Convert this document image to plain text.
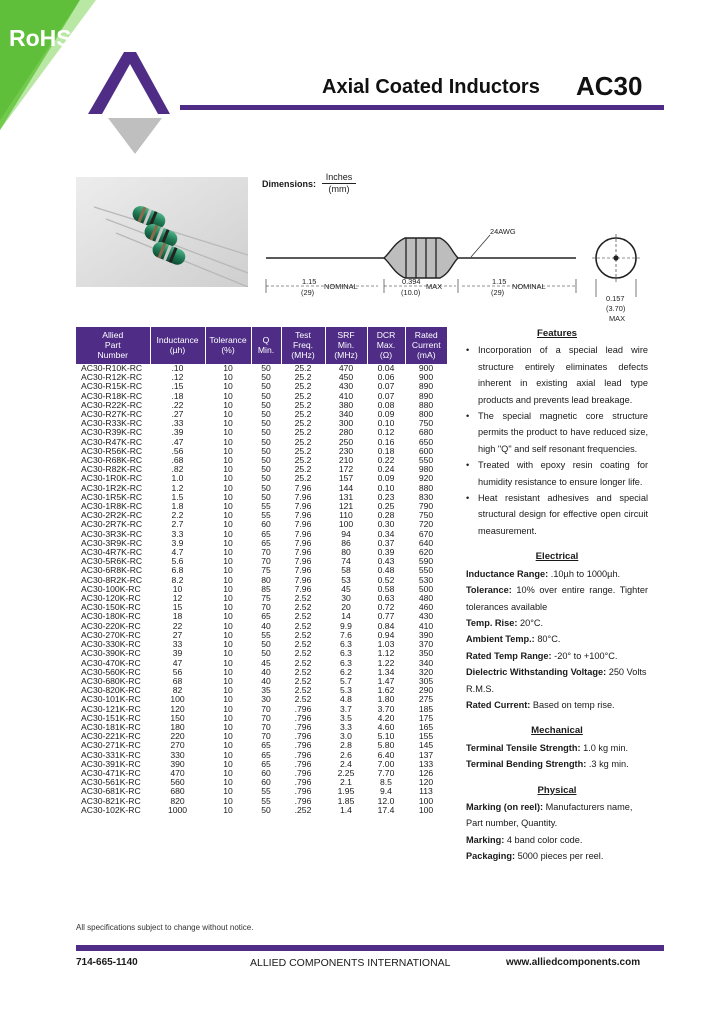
RoHS
Axial Coated Inductors AC30
Dimensions:
Inches
(mm)
24AWG
1.15
(29)
NOMINAL
0.394
(10.0)
MAX
1.15
(29)
NOMINAL
0.157
(3.70)
MAX
Allied
Part
Number	Inductance
(µh)	Tolerance
(%)	Q
Min.	Test
Freq.
(MHz)	SRF
Min.
(MHz)	DCR
Max.
(Ω)	Rated
Current
(mA)
AC30-R10K-RC	.10	10	50	25.2	470	0.04	900
AC30-R12K-RC	.12	10	50	25.2	450	0.06	900
AC30-R15K-RC	.15	10	50	25.2	430	0.07	890
AC30-R18K-RC	.18	10	50	25.2	410	0.07	890
AC30-R22K-RC	.22	10	50	25.2	380	0.08	880
AC30-R27K-RC	.27	10	50	25.2	340	0.09	800
AC30-R33K-RC	.33	10	50	25.2	300	0.10	750
AC30-R39K-RC	.39	10	50	25.2	280	0.12	680
AC30-R47K-RC	.47	10	50	25.2	250	0.16	650
AC30-R56K-RC	.56	10	50	25.2	230	0.18	600
AC30-R68K-RC	.68	10	50	25.2	210	0.22	550
AC30-R82K-RC	.82	10	50	25.2	172	0.24	980
AC30-1R0K-RC	1.0	10	50	25.2	157	0.09	920
AC30-1R2K-RC	1.2	10	50	7.96	144	0.10	880
AC30-1R5K-RC	1.5	10	50	7.96	131	0.23	830
AC30-1R8K-RC	1.8	10	55	7.96	121	0.25	790
AC30-2R2K-RC	2.2	10	55	7.96	110	0.28	750
AC30-2R7K-RC	2.7	10	60	7.96	100	0.30	720
AC30-3R3K-RC	3.3	10	65	7.96	94	0.34	670
AC30-3R9K-RC	3.9	10	65	7.96	86	0.37	640
AC30-4R7K-RC	4.7	10	70	7.96	80	0.39	620
AC30-5R6K-RC	5.6	10	70	7.96	74	0.43	590
AC30-6R8K-RC	6.8	10	75	7.96	58	0.48	550
AC30-8R2K-RC	8.2	10	80	7.96	53	0.52	530
AC30-100K-RC	10	10	85	7.96	45	0.58	500
AC30-120K-RC	12	10	75	2.52	30	0.63	480
AC30-150K-RC	15	10	70	2.52	20	0.72	460
AC30-180K-RC	18	10	65	2.52	14	0.77	430
AC30-220K-RC	22	10	40	2.52	9.9	0.84	410
AC30-270K-RC	27	10	55	2.52	7.6	0.94	390
AC30-330K-RC	33	10	50	2.52	6.3	1.03	370
AC30-390K-RC	39	10	50	2.52	6.3	1.12	350
AC30-470K-RC	47	10	45	2.52	6.3	1.22	340
AC30-560K-RC	56	10	40	2.52	6.2	1.34	320
AC30-680K-RC	68	10	40	2.52	5.7	1.47	305
AC30-820K-RC	82	10	35	2.52	5.3	1.62	290
AC30-101K-RC	100	10	30	2.52	4.8	1.80	275
AC30-121K-RC	120	10	70	.796	3.7	3.70	185
AC30-151K-RC	150	10	70	.796	3.5	4.20	175
AC30-181K-RC	180	10	70	.796	3.3	4.60	165
AC30-221K-RC	220	10	70	.796	3.0	5.10	155
AC30-271K-RC	270	10	65	.796	2.8	5.80	145
AC30-331K-RC	330	10	65	.796	2.6	6.40	137
AC30-391K-RC	390	10	65	.796	2.4	7.00	133
AC30-471K-RC	470	10	60	.796	2.25	7.70	126
AC30-561K-RC	560	10	60	.796	2.1	8.5	120
AC30-681K-RC	680	10	55	.796	1.95	9.4	113
AC30-821K-RC	820	10	55	.796	1.85	12.0	100
AC30-102K-RC	1000	10	50	.252	1.4	17.4	100
All specifications subject to change without notice.
Features
• Incorporation of a special lead wire structure entirely eliminates defects inherent in existing axial lead type products and prevents lead breakage.
• The special magnetic core structure permits the product to have reduced size, high "Q" and self resonant frequencies.
• Treated with epoxy resin coating for humidity resistance to ensure longer life.
• Heat resistant adhesives and special structural design for effective open circuit measurement.
Electrical
Inductance Range: .10µh to 1000µh.
Tolerance: 10% over entire range. Tighter tolerances available
Temp. Rise: 20°C.
Ambient Temp.: 80°C.
Rated Temp Range: -20° to +100°C.
Dielectric Withstanding Voltage: 250 Volts R.M.S.
Rated Current: Based on temp rise.
Mechanical
Terminal Tensile Strength: 1.0 kg min.
Terminal Bending Strength: .3 kg min.
Physical
Marking (on reel): Manufacturers name, Part number, Quantity.
Marking: 4 band color code.
Packaging: 5000 pieces per reel.
714-665-1140	ALLIED COMPONENTS INTERNATIONAL	www.alliedcomponents.com
